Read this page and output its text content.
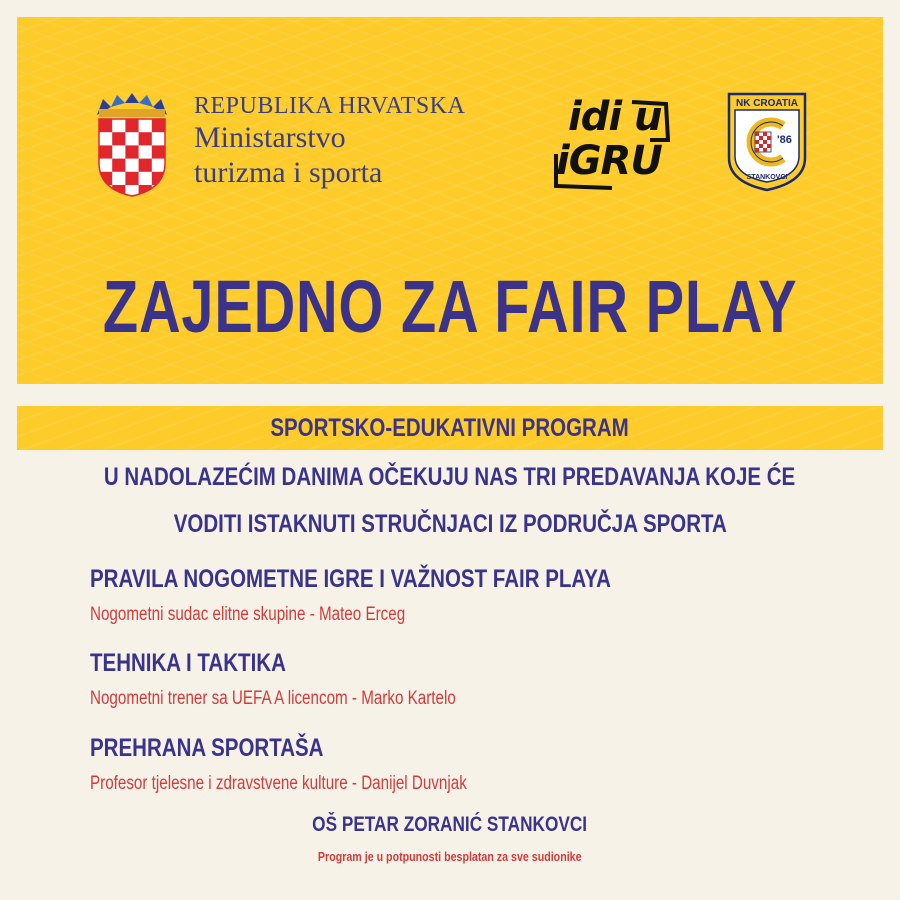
REPUBLIKA HRVATSKA
Ministarstvo
turizma i sporta
idi u
iGRU
NK CROATIA
'86
STANKOVCI
ZAJEDNO ZA FAIR PLAY
SPORTSKO-EDUKATIVNI PROGRAM
U NADOLAZEĆIM DANIMA OČEKUJU NAS TRI PREDAVANJA KOJE ĆE
VODITI ISTAKNUTI STRUČNJACI IZ PODRUČJA SPORTA
PRAVILA NOGOMETNE IGRE I VAŽNOST FAIR PLAYA
Nogometni sudac elitne skupine - Mateo Erceg
TEHNIKA I TAKTIKA
Nogometni trener sa UEFA A licencom - Marko Kartelo
PREHRANA SPORTAŠA
Profesor tjelesne i zdravstvene kulture - Danijel Duvnjak
OŠ PETAR ZORANIĆ STANKOVCI
Program je u potpunosti besplatan za sve sudionike
